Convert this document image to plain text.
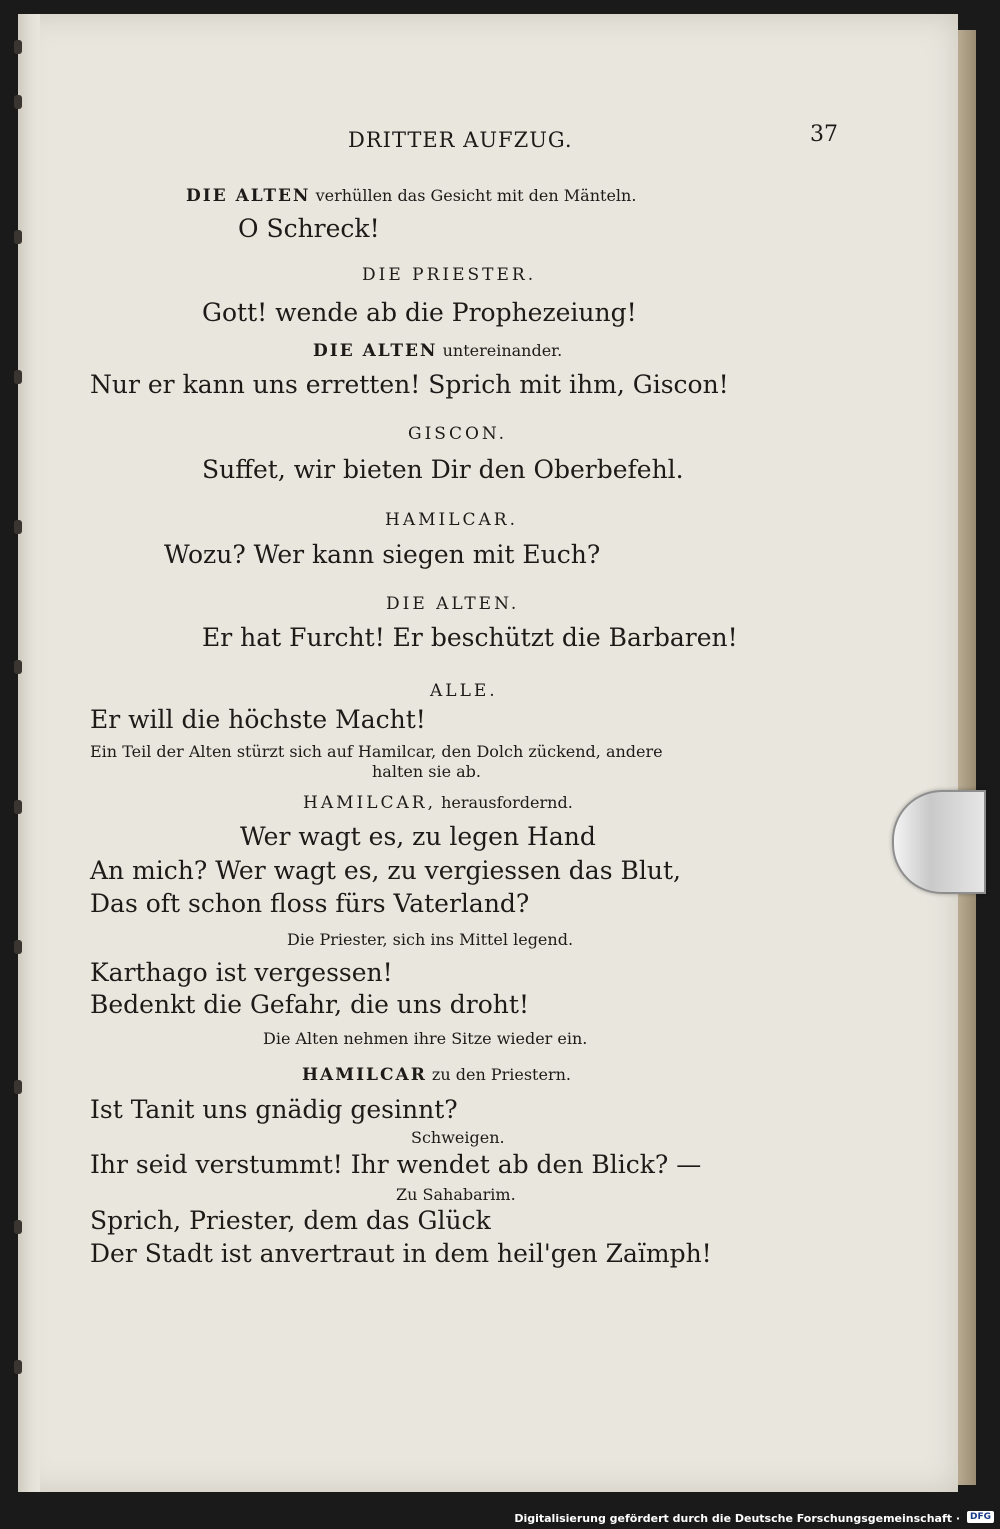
DRITTER AUFZUG.	37
DIE ALTEN verhüllen das Gesicht mit den Mänteln.
O Schreck!
DIE PRIESTER.
Gott! wende ab die Prophezeiung!
DIE ALTEN untereinander.
Nur er kann uns erretten! Sprich mit ihm, Giscon!
GISCON.
Suffet, wir bieten Dir den Oberbefehl.
HAMILCAR.
Wozu? Wer kann siegen mit Euch?
DIE ALTEN.
Er hat Furcht! Er beschützt die Barbaren!
ALLE.
Er will die höchste Macht!
Ein Teil der Alten stürzt sich auf Hamilcar, den Dolch zückend, andere
halten sie ab.
HAMILCAR, herausfordernd.
Wer wagt es, zu legen Hand
An mich? Wer wagt es, zu vergiessen das Blut,
Das oft schon floss fürs Vaterland?
Die Priester, sich ins Mittel legend.
Karthago ist vergessen!
Bedenkt die Gefahr, die uns droht!
Die Alten nehmen ihre Sitze wieder ein.
HAMILCAR zu den Priestern.
Ist Tanit uns gnädig gesinnt?
Schweigen.
Ihr seid verstummt! Ihr wendet ab den Blick? —
Zu Sahabarim.
Sprich, Priester, dem das Glück
Der Stadt ist anvertraut in dem heil'gen Zaïmph!
Digitalisierung gefördert durch die Deutsche Forschungsgemeinschaft ·	DFG
